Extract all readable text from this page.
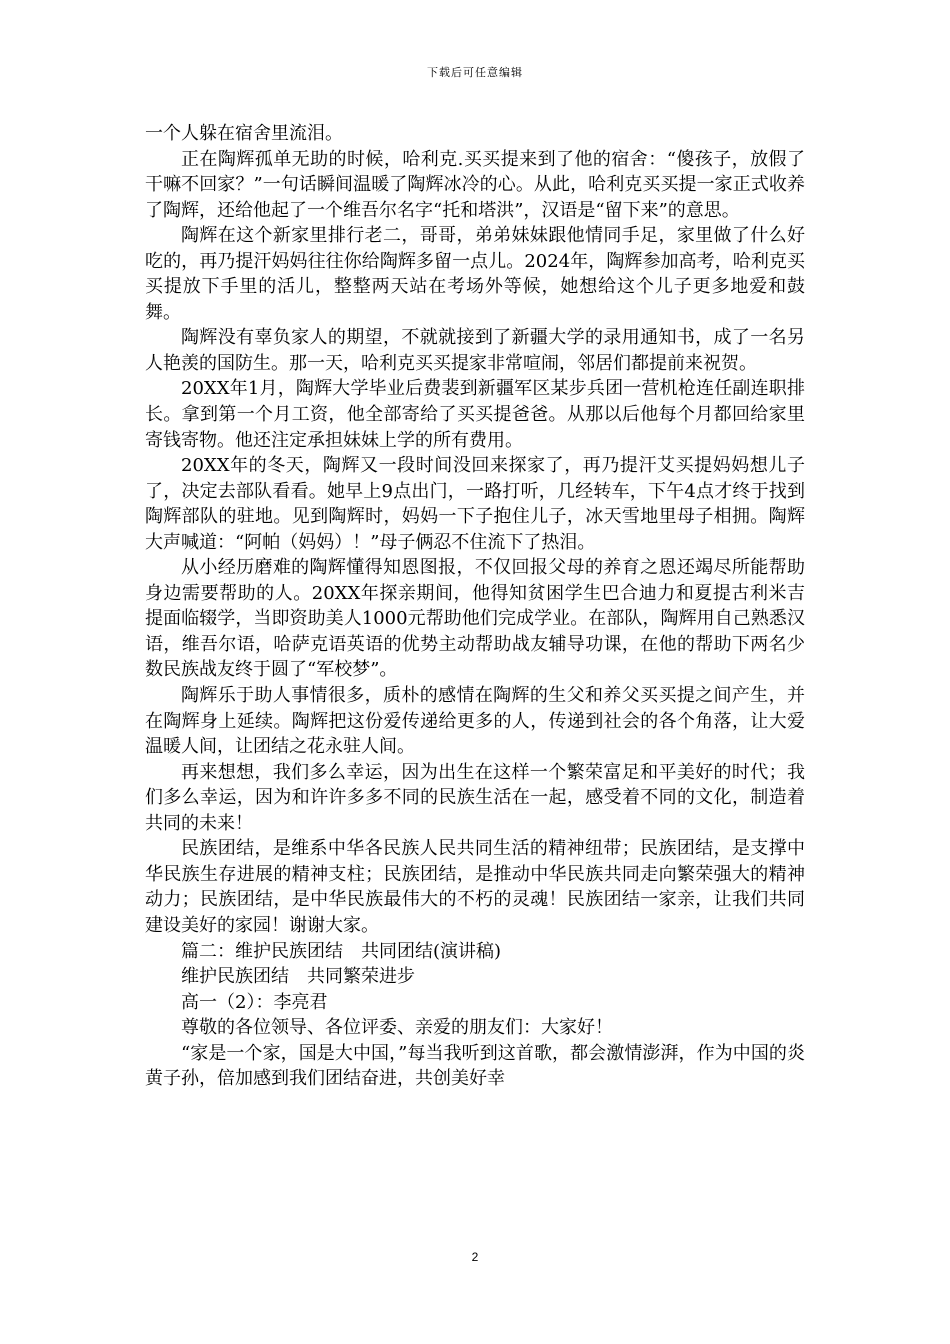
下载后可任意编辑

一个人躲在宿舍里流泪。

正在陶辉孤单无助的时候，哈利克.买买提来到了他的宿舍：“傻孩子，放假了干嘛不回家？”一句话瞬间温暖了陶辉冰冷的心。从此，哈利克买买提一家正式收养了陶辉，还给他起了一个维吾尔名字“托和塔洪”，汉语是“留下来”的意思。

陶辉在这个新家里排行老二，哥哥，弟弟妹妹跟他情同手足，家里做了什么好吃的，再乃提汗妈妈往往你给陶辉多留一点儿。2024年，陶辉参加高考，哈利克买买提放下手里的活儿，整整两天站在考场外等候，她想给这个儿子更多地爱和鼓舞。

陶辉没有辜负家人的期望，不就就接到了新疆大学的录用通知书，成了一名另人艳羡的国防生。那一天，哈利克买买提家非常喧闹，邻居们都提前来祝贺。

20XX年1月，陶辉大学毕业后费裴到新疆军区某步兵团一营机枪连任副连职排长。拿到第一个月工资，他全部寄给了买买提爸爸。从那以后他每个月都回给家里寄钱寄物。他还注定承担妹妹上学的所有费用。

20XX年的冬天，陶辉又一段时间没回来探家了，再乃提汗艾买提妈妈想儿子了，决定去部队看看。她早上9点出门，一路打听，几经转车，下午4点才终于找到陶辉部队的驻地。见到陶辉时，妈妈一下子抱住儿子，冰天雪地里母子相拥。陶辉大声喊道：“阿帕（妈妈）！”母子俩忍不住流下了热泪。

从小经历磨难的陶辉懂得知恩图报，不仅回报父母的养育之恩还竭尽所能帮助身边需要帮助的人。20XX年探亲期间，他得知贫困学生巴合迪力和夏提古利米吉提面临辍学，当即资助美人1000元帮助他们完成学业。在部队，陶辉用自己熟悉汉语，维吾尔语，哈萨克语英语的优势主动帮助战友辅导功课，在他的帮助下两名少数民族战友终于圆了“军校梦”。

陶辉乐于助人事情很多，质朴的感情在陶辉的生父和养父买买提之间产生，并在陶辉身上延续。陶辉把这份爱传递给更多的人，传递到社会的各个角落，让大爱温暖人间，让团结之花永驻人间。

再来想想，我们多么幸运，因为出生在这样一个繁荣富足和平美好的时代；我们多么幸运，因为和许许多多不同的民族生活在一起，感受着不同的文化，制造着共同的未来！

民族团结，是维系中华各民族人民共同生活的精神纽带；民族团结，是支撑中华民族生存进展的精神支柱；民族团结，是推动中华民族共同走向繁荣强大的精神动力；民族团结，是中华民族最伟大的不朽的灵魂！民族团结一家亲，让我们共同建设美好的家园！谢谢大家。

篇二：维护民族团结　共同团结(演讲稿)

维护民族团结　共同繁荣进步

高一（2）：李亮君

尊敬的各位领导、各位评委、亲爱的朋友们：大家好！

“家是一个家，国是大中国，”每当我听到这首歌，都会激情澎湃，作为中国的炎黄子孙，倍加感到我们团结奋进，共创美好幸

2
